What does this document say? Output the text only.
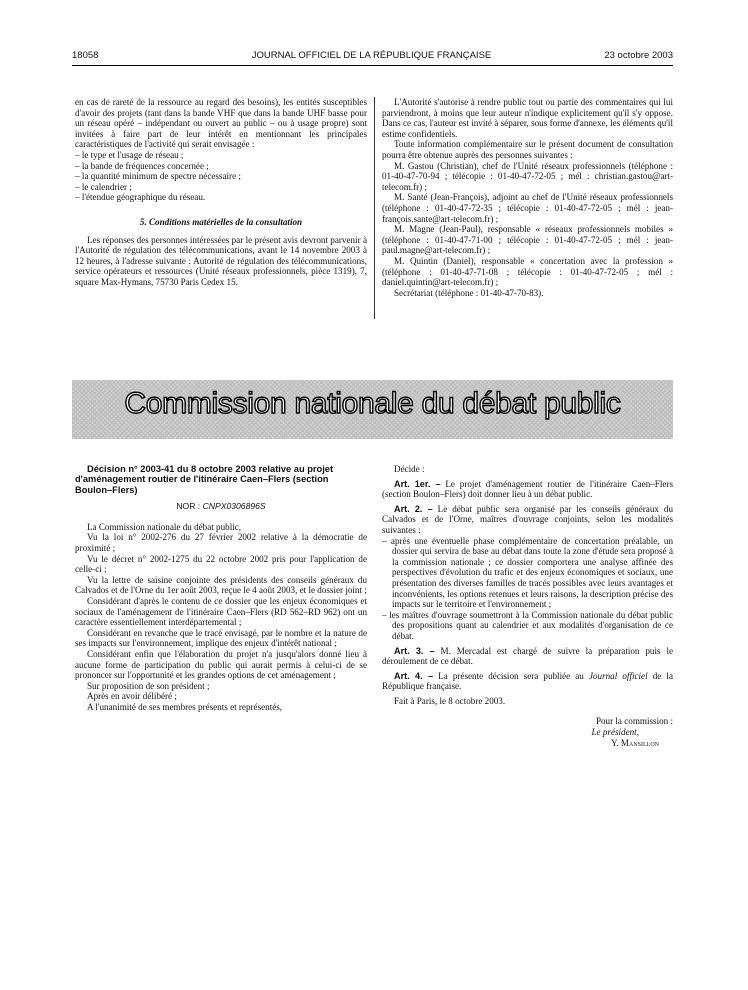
18058	JOURNAL OFFICIEL DE LA RÉPUBLIQUE FRANÇAISE	23 octobre 2003

en cas de rareté de la ressource au regard des besoins), les entités susceptibles d'avoir des projets (tant dans la bande VHF que dans la bande UHF basse pour un réseau opéré – indépendant ou ouvert au public – ou à usage propre) sont invitées à faire part de leur intérêt en mentionnant les principales caractéristiques de l'activité qui serait envisagée :

– le type et l'usage de réseau ;

– la bande de fréquences concernée ;

– la quantité minimum de spectre nécessaire ;

– le calendrier ;

– l'étendue géographique du réseau.

5. Conditions matérielles de la consultation

Les réponses des personnes intéressées par le présent avis devront parvenir à l'Autorité de régulation des télécommunications, avant le 14 novembre 2003 à 12 heures, à l'adresse suivante : Autorité de régulation des télécommunications, service opérateurs et ressources (Unité réseaux professionnels, pièce 1319), 7, square Max-Hymans, 75730 Paris Cedex 15.

L'Autorité s'autorise à rendre public tout ou partie des commentaires qui lui parviendront, à moins que leur auteur n'indique explicitement qu'il s'y oppose. Dans ce cas, l'auteur est invité à séparer, sous forme d'annexe, les éléments qu'il estime confidentiels.

Toute information complémentaire sur le présent document de consultation pourra être obtenue auprès des personnes suivantes :

M. Gastou (Christian), chef de l'Unité réseaux professionnels (téléphone : 01-40-47-70-94 ; télécopie : 01-40-47-72-05 ; mél : christian.gastou@art-telecom.fr) ;

M. Santé (Jean-François), adjoint au chef de l'Unité réseaux professionnels (téléphone : 01-40-47-72-35 ; télécopie : 01-40-47-72-05 ; mél : jean-françois.sante@art-telecom.fr) ;

M. Magne (Jean-Paul), responsable « réseaux professionnels mobiles » (téléphone : 01-40-47-71-00 ; télécopie : 01-40-47-72-05 ; mél : jean-paul.magne@art-telecom.fr) ;

M. Quintin (Daniel), responsable « concertation avec la profession » (téléphone : 01-40-47-71-08 ; télécopie : 01-40-47-72-05 ; mél : daniel.quintin@art-telecom.fr) ;

Secrétariat (téléphone : 01-40-47-70-83).

Commission nationale du débat public

Décision n° 2003-41 du 8 octobre 2003 relative au projet d'aménagement routier de l'itinéraire Caen–Flers (section Boulon–Flers)

NOR : CNPX0306896S

La Commission nationale du débat public,

Vu la loi n° 2002-276 du 27 février 2002 relative à la démocratie de proximité ;

Vu le décret n° 2002-1275 du 22 octobre 2002 pris pour l'application de celle-ci ;

Vu la lettre de saisine conjointe des présidents des conseils généraux du Calvados et de l'Orne du 1er août 2003, reçue le 4 août 2003, et le dossier joint ;

Considérant d'après le contenu de ce dossier que les enjeux économiques et sociaux de l'aménagement de l'itinéraire Caen–Flers (RD 562–RD 962) ont un caractère essentiellement interdépartemental ;

Considérant en revanche que le tracé envisagé, par le nombre et la nature de ses impacts sur l'environnement, implique des enjeux d'intérêt national ;

Considérant enfin que l'élaboration du projet n'a jusqu'alors donné lieu à aucune forme de participation du public qui aurait permis à celui-ci de se prononcer sur l'opportunité et les grandes options de cet aménagement ;

Sur proposition de son président ;

Après en avoir délibéré ;

A l'unanimité de ses membres présents et représentés,

Décide :

Art. 1er. – Le projet d'aménagement routier de l'itinéraire Caen–Flers (section Boulon–Flers) doit donner lieu à un débat public.

Art. 2. – Le débat public sera organisé par les conseils généraux du Calvados et de l'Orne, maîtres d'ouvrage conjoints, selon les modalités suivantes :

– après une éventuelle phase complémentaire de concertation préalable, un dossier qui servira de base au débat dans toute la zone d'étude sera proposé à la commission nationale ; ce dossier comportera une analyse affinée des perspectives d'évolution du trafic et des enjeux économiques et sociaux, une présentation des diverses familles de tracés possibles avec leurs avantages et inconvénients, les options retenues et leurs raisons, la description précise des impacts sur le territoire et l'environnement ;

– les maîtres d'ouvrage soumettront à la Commission nationale du débat public des propositions quant au calendrier et aux modalités d'organisation de ce débat.

Art. 3. – M. Mercadal est chargé de suivre la préparation puis le déroulement de ce débat.

Art. 4. – La présente décision sera publiée au Journal officiel de la République française.

Fait à Paris, le 8 octobre 2003.

Pour la commission :
Le président,
Y. Mansillon
